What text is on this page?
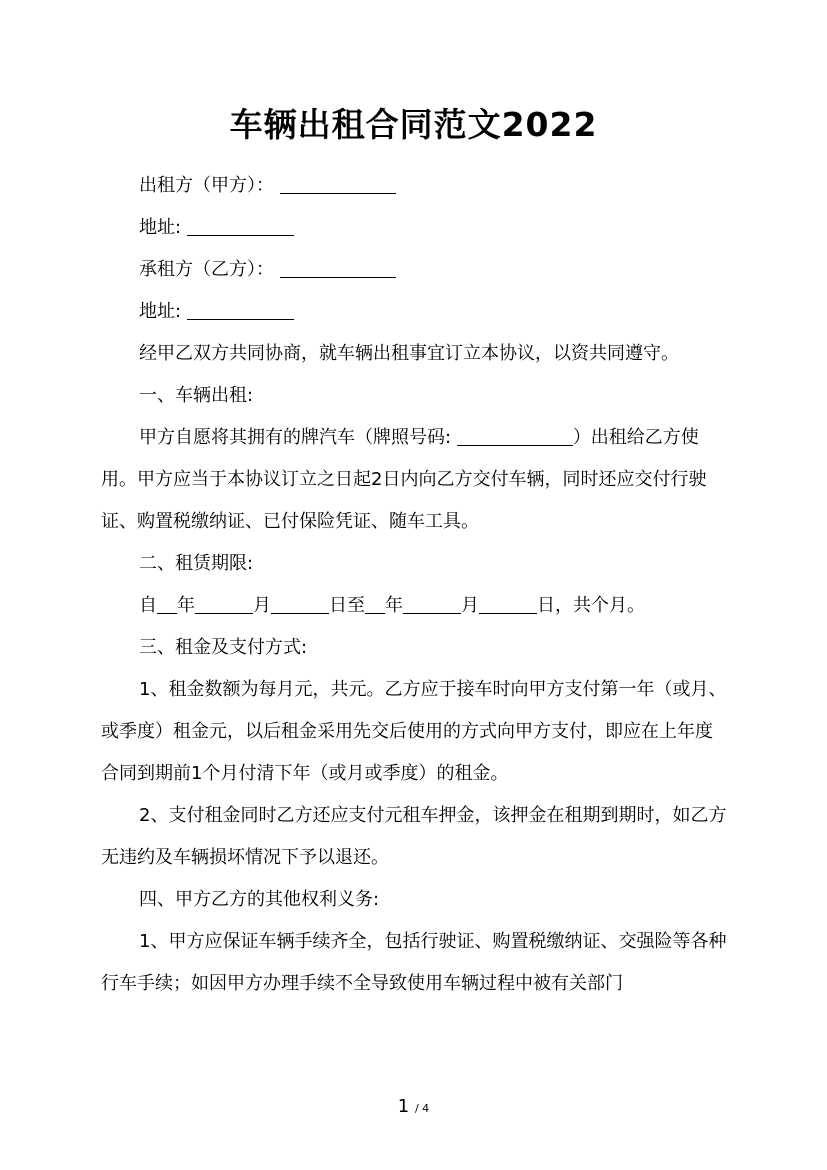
车辆出租合同范文2022

出租方（甲方）：

地址:

承租方（乙方）：

地址:

经甲乙双方共同协商，就车辆出租事宜订立本协议，以资共同遵守。

一、车辆出租:

甲方自愿将其拥有的牌汽车（牌照号码:	）出租给乙方使用。甲方应当于本协议订立之日起2日内向乙方交付车辆，同时还应交付行驶证、购置税缴纳证、已付保险凭证、随车工具。

二、租赁期限:

自 年	月	日至 年	月	日，共个月。

三、租金及支付方式:

1、租金数额为每月元，共元。乙方应于接车时向甲方支付第一年（或月、或季度）租金元，以后租金采用先交后使用的方式向甲方支付，即应在上年度合同到期前1个月付清下年（或月或季度）的租金。

2、支付租金同时乙方还应支付元租车押金，该押金在租期到期时，如乙方无违约及车辆损坏情况下予以退还。

四、甲方乙方的其他权利义务:

1、甲方应保证车辆手续齐全，包括行驶证、购置税缴纳证、交强险等各种行车手续；如因甲方办理手续不全导致使用车辆过程中被有关部门

1 / 4
